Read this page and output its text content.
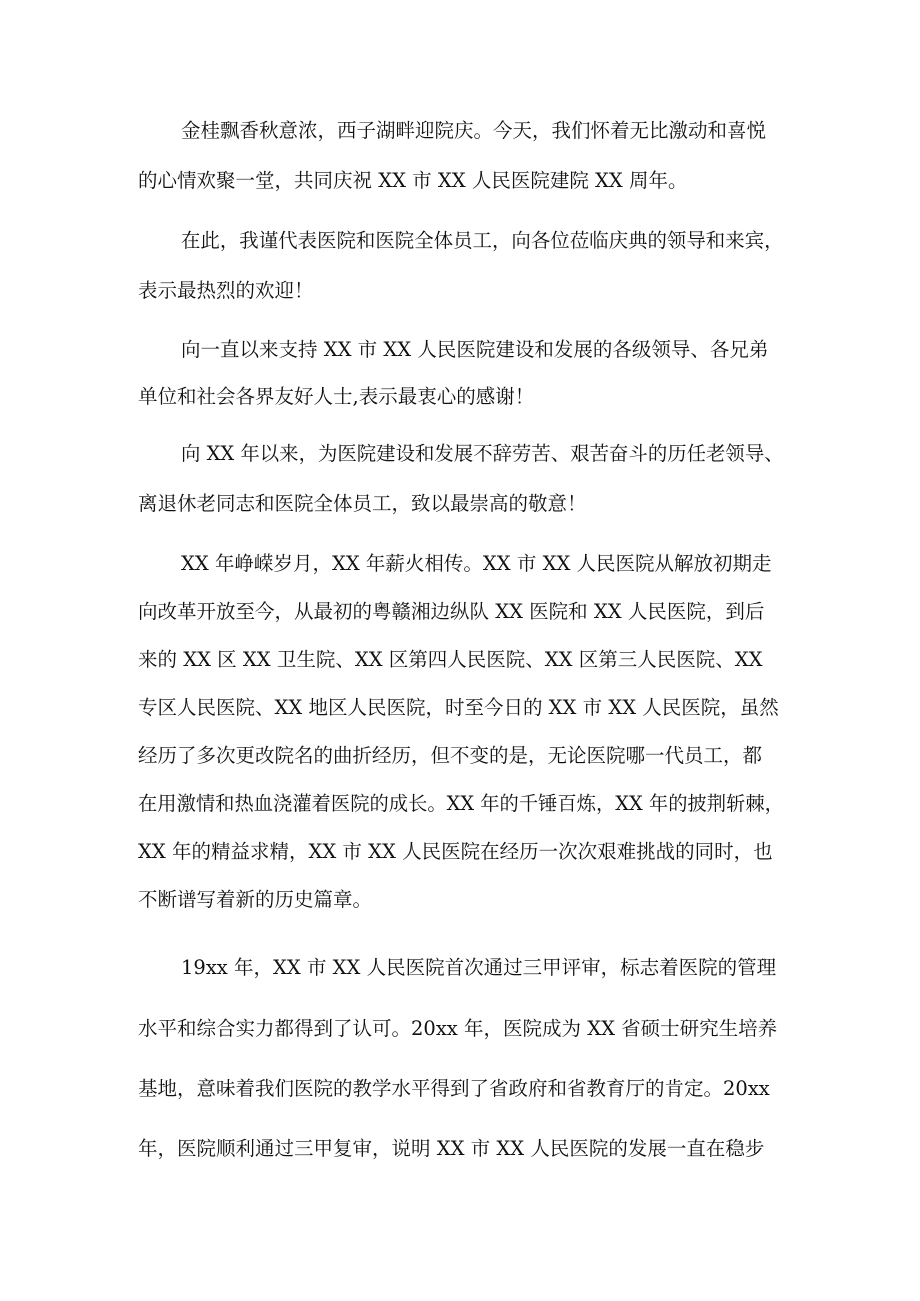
金桂飘香秋意浓，西子湖畔迎院庆。今天，我们怀着无比激动和喜悦

的心情欢聚一堂，共同庆祝 XX 市 XX 人民医院建院 XX 周年。

在此，我谨代表医院和医院全体员工，向各位莅临庆典的领导和来宾，

表示最热烈的欢迎！

向一直以来支持 XX 市 XX 人民医院建设和发展的各级领导、各兄弟

单位和社会各界友好人士,表示最衷心的感谢！

向 XX 年以来，为医院建设和发展不辞劳苦、艰苦奋斗的历任老领导、

离退休老同志和医院全体员工，致以最崇高的敬意！

XX 年峥嵘岁月，XX 年薪火相传。XX 市 XX 人民医院从解放初期走

向改革开放至今，从最初的粤赣湘边纵队 XX 医院和 XX 人民医院，到后

来的 XX 区 XX 卫生院、XX 区第四人民医院、XX 区第三人民医院、XX

专区人民医院、XX 地区人民医院，时至今日的 XX 市 XX 人民医院，虽然

经历了多次更改院名的曲折经历，但不变的是，无论医院哪一代员工，都

在用激情和热血浇灌着医院的成长。XX 年的千锤百炼，XX 年的披荆斩棘，

XX 年的精益求精，XX 市 XX 人民医院在经历一次次艰难挑战的同时，也

不断谱写着新的历史篇章。

19xx 年，XX 市 XX 人民医院首次通过三甲评审，标志着医院的管理

水平和综合实力都得到了认可。20xx 年，医院成为 XX 省硕士研究生培养

基地，意味着我们医院的教学水平得到了省政府和省教育厅的肯定。20xx

年，医院顺利通过三甲复审，说明 XX 市 XX 人民医院的发展一直在稳步
